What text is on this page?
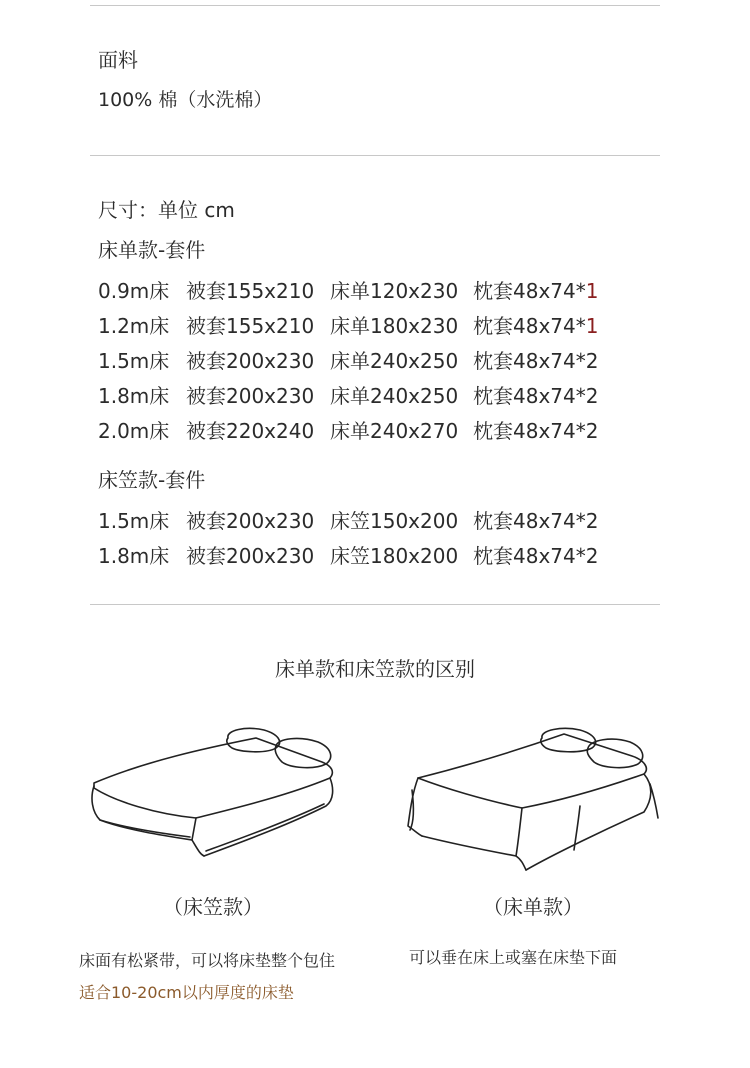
面料
100% 棉（水洗棉）
尺寸：单位 cm
床单款-套件
0.9m床 被套155x210 床单120x230 枕套48x74*1
1.2m床 被套155x210 床单180x230 枕套48x74*1
1.5m床 被套200x230 床单240x250 枕套48x74*2
1.8m床 被套200x230 床单240x250 枕套48x74*2
2.0m床 被套220x240 床单240x270 枕套48x74*2
床笠款-套件
1.5m床 被套200x230 床笠150x200 枕套48x74*2
1.8m床 被套200x230 床笠180x200 枕套48x74*2
床单款和床笠款的区别
（床笠款）	（床单款）
床面有松紧带，可以将床垫整个包住
适合10-20cm以内厚度的床垫
可以垂在床上或塞在床垫下面
